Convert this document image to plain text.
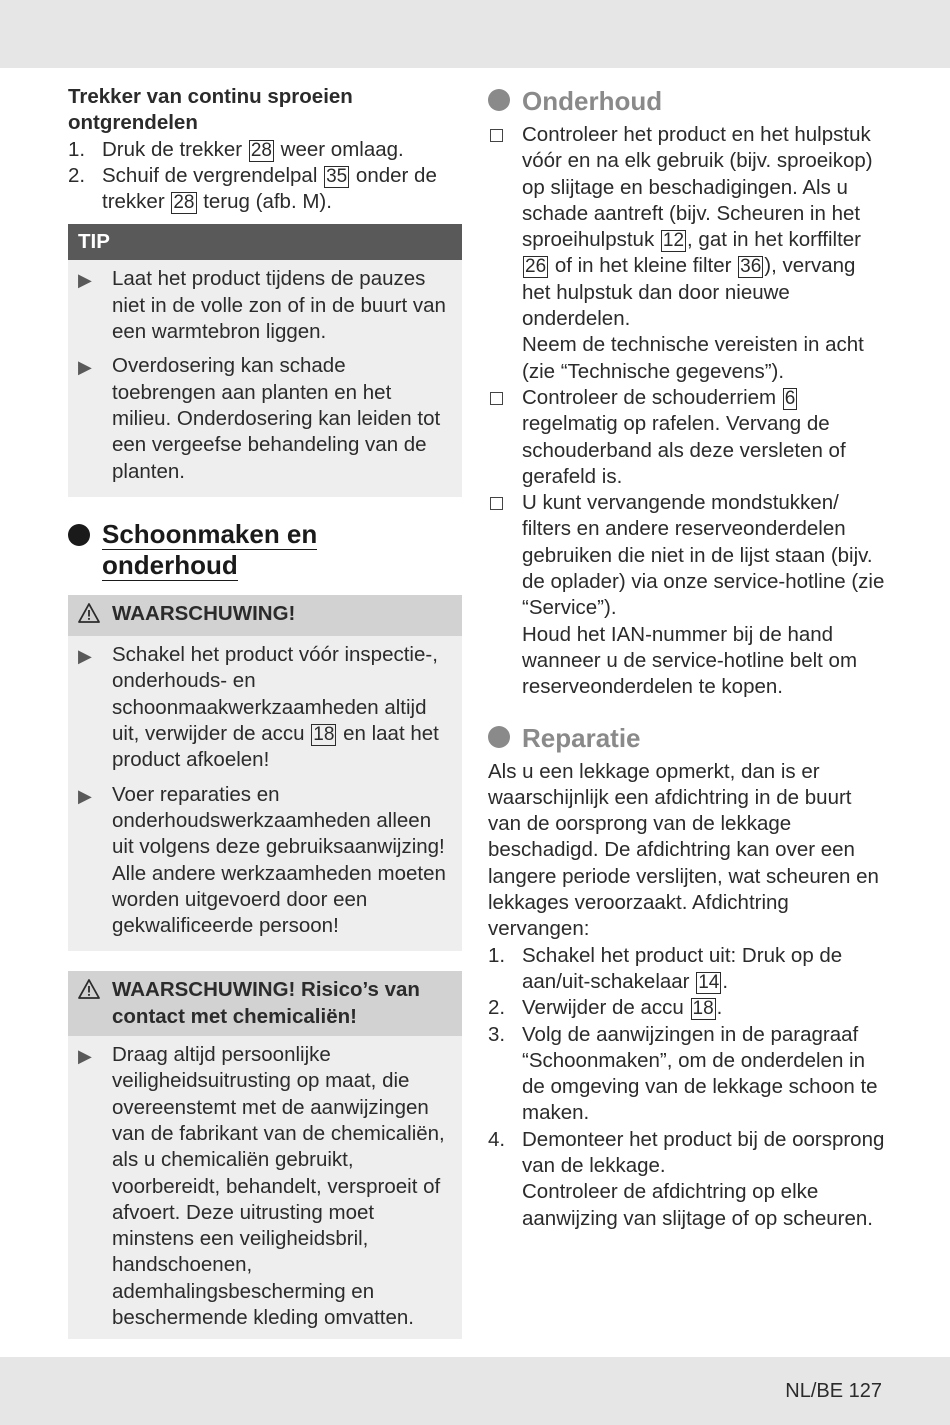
Trekker van continu sproeien ontgrendelen

1. Druk de trekker 28 weer omlaag.
2. Schuif de vergrendelpal 35 onder de trekker 28 terug (afb. M).
TIP
▶ Laat het product tijdens de pauzes niet in de volle zon of in de buurt van een warmtebron liggen.
▶ Overdosering kan schade toebrengen aan planten en het milieu. Onderdosering kan leiden tot een vergeefse behandeling van de planten.
Schoonmaken en
onderhoud
WAARSCHUWING!
▶ Schakel het product vóór inspectie-, onderhouds- en schoonmaakwerkzaamheden altijd uit, verwijder de accu 18 en laat het product afkoelen!
▶ Voer reparaties en onderhoudswerkzaamheden alleen uit volgens deze gebruiksaanwijzing! Alle andere werkzaamheden moeten worden uitgevoerd door een gekwalificeerde persoon!
WAARSCHUWING! Risico’s van contact met chemicaliën!
▶ Draag altijd persoonlijke veiligheidsuitrusting op maat, die overeenstemt met de aanwijzingen van de fabrikant van de chemicaliën, als u chemicaliën gebruikt, voorbereidt, behandelt, versproeit of afvoert. Deze uitrusting moet minstens een veiligheidsbril, handschoenen, ademhalingsbescherming en beschermende kleding omvatten.
Onderhoud
Controleer het product en het hulpstuk vóór en na elk gebruik (bijv. sproeikop) op slijtage en beschadigingen. Als u schade aantreft (bijv. Scheuren in het sproeihulpstuk 12 , gat in het korffilter 26 of in het kleine filter 36 ), vervang het hulpstuk dan door nieuwe onderdelen.
Neem de technische vereisten in acht (zie “Technische gegevens”).
Controleer de schouderriem 6 regelmatig op rafelen. Vervang de schouderband als deze versleten of gerafeld is.
U kunt vervangende mondstukken/ filters en andere reserveonderdelen gebruiken die niet in de lijst staan (bijv. de oplader) via onze service-hotline (zie “Service”).
Houd het IAN-nummer bij de hand wanneer u de service-hotline belt om reserveonderdelen te kopen.
Reparatie

Als u een lekkage opmerkt, dan is er waarschijnlijk een afdichtring in de buurt van de oorsprong van de lekkage beschadigd. De afdichtring kan over een langere periode verslijten, wat scheuren en lekkages veroorzaakt. Afdichtring vervangen:

1. Schakel het product uit: Druk op de aan/uit-schakelaar 14 .
2. Verwijder de accu 18 .
3. Volg de aanwijzingen in de paragraaf “Schoonmaken”, om de onderdelen in de omgeving van de lekkage schoon te maken.
4. Demonteer het product bij de oorsprong van de lekkage.
Controleer de afdichtring op elke aanwijzing van slijtage of op scheuren.
NL/BE 127
